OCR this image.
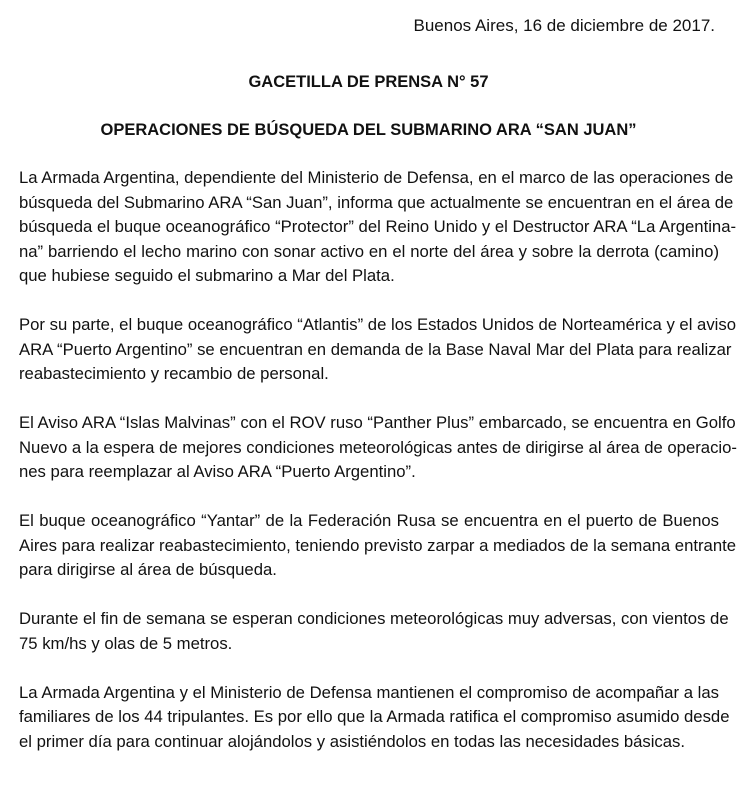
Buenos Aires, 16 de diciembre de 2017.
GACETILLA DE PRENSA N° 57
OPERACIONES DE BÚSQUEDA DEL SUBMARINO ARA “SAN JUAN”

La Armada Argentina, dependiente del Ministerio de Defensa, en el marco de las operaciones de
búsqueda del Submarino ARA “San Juan”, informa que actualmente se encuentran en el área de
búsqueda el buque oceanográfico “Protector” del Reino Unido y el Destructor ARA “La Argentina-
na” barriendo el lecho marino con sonar activo en el norte del área y sobre la derrota (camino)
que hubiese seguido el submarino a Mar del Plata.

Por su parte, el buque oceanográfico “Atlantis” de los Estados Unidos de Norteamérica y el aviso
ARA “Puerto Argentino” se encuentran en demanda de la Base Naval Mar del Plata para realizar
reabastecimiento y recambio de personal.

El Aviso ARA “Islas Malvinas” con el ROV ruso “Panther Plus” embarcado, se encuentra en Golfo
Nuevo a la espera de mejores condiciones meteorológicas antes de dirigirse al área de operacio-
nes para reemplazar al Aviso ARA “Puerto Argentino”.

El buque oceanográfico “Yantar” de la Federación Rusa se encuentra en el puerto de Buenos
Aires para realizar reabastecimiento, teniendo previsto zarpar a mediados de la semana entrante
para dirigirse al área de búsqueda.

Durante el fin de semana se esperan condiciones meteorológicas muy adversas, con vientos de
75 km/hs y olas de 5 metros.

La Armada Argentina y el Ministerio de Defensa mantienen el compromiso de acompañar a las
familiares de los 44 tripulantes. Es por ello que la Armada ratifica el compromiso asumido desde
el primer día para continuar alojándolos y asistiéndolos en todas las necesidades básicas.
